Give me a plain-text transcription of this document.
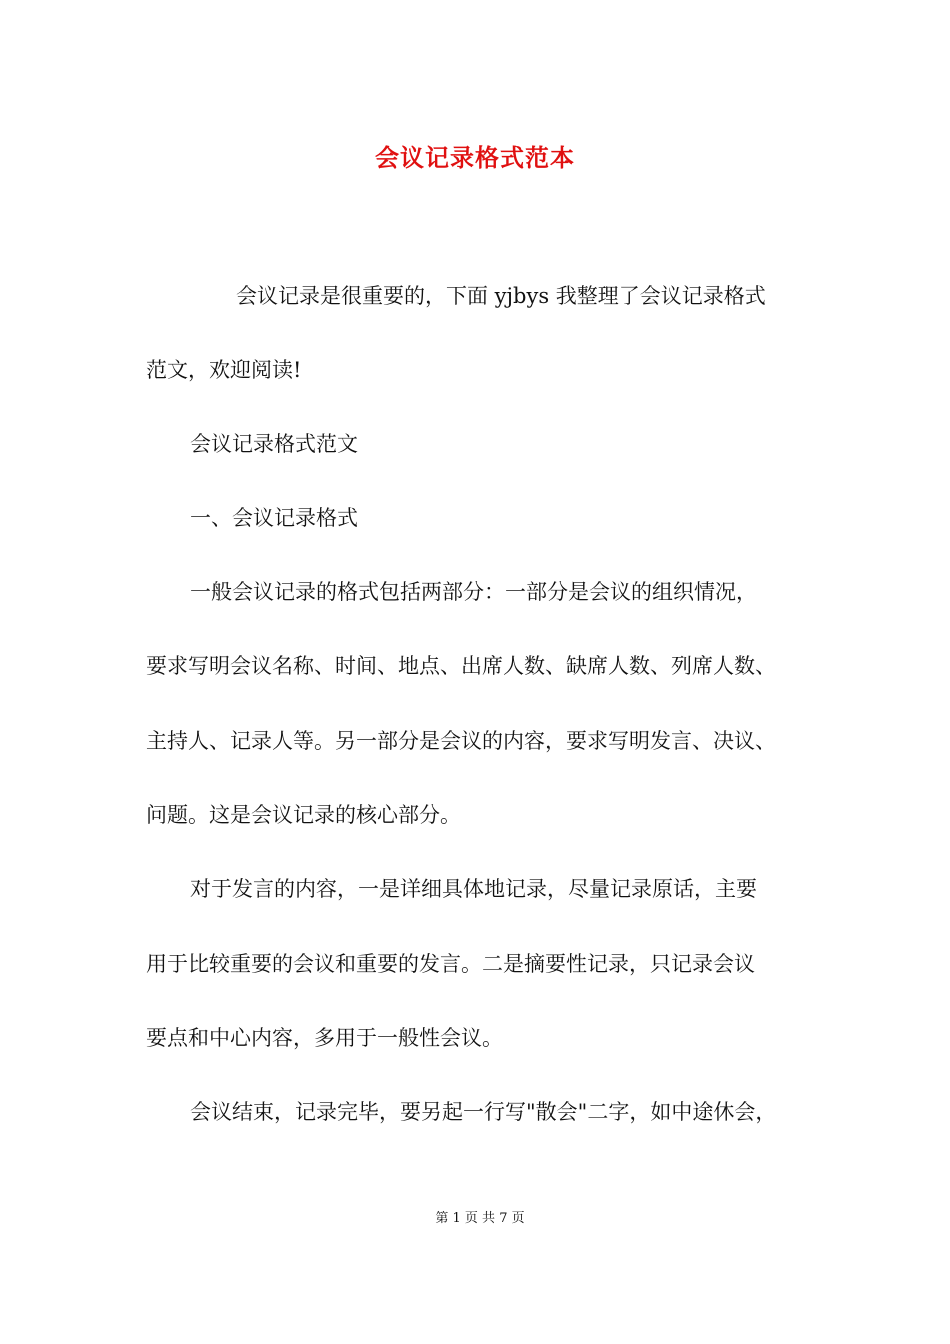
会议记录格式范本
会议记录是很重要的，下面 yjbys 我整理了会议记录格式
范文，欢迎阅读!
会议记录格式范文
一、会议记录格式
一般会议记录的格式包括两部分：一部分是会议的组织情况，
要求写明会议名称、时间、地点、出席人数、缺席人数、列席人数、
主持人、记录人等。另一部分是会议的内容，要求写明发言、决议、
问题。这是会议记录的核心部分。
对于发言的内容，一是详细具体地记录，尽量记录原话，主要
用于比较重要的会议和重要的发言。二是摘要性记录，只记录会议
要点和中心内容，多用于一般性会议。
会议结束，记录完毕，要另起一行写"散会"二字，如中途休会，
第 1 页 共 7 页
